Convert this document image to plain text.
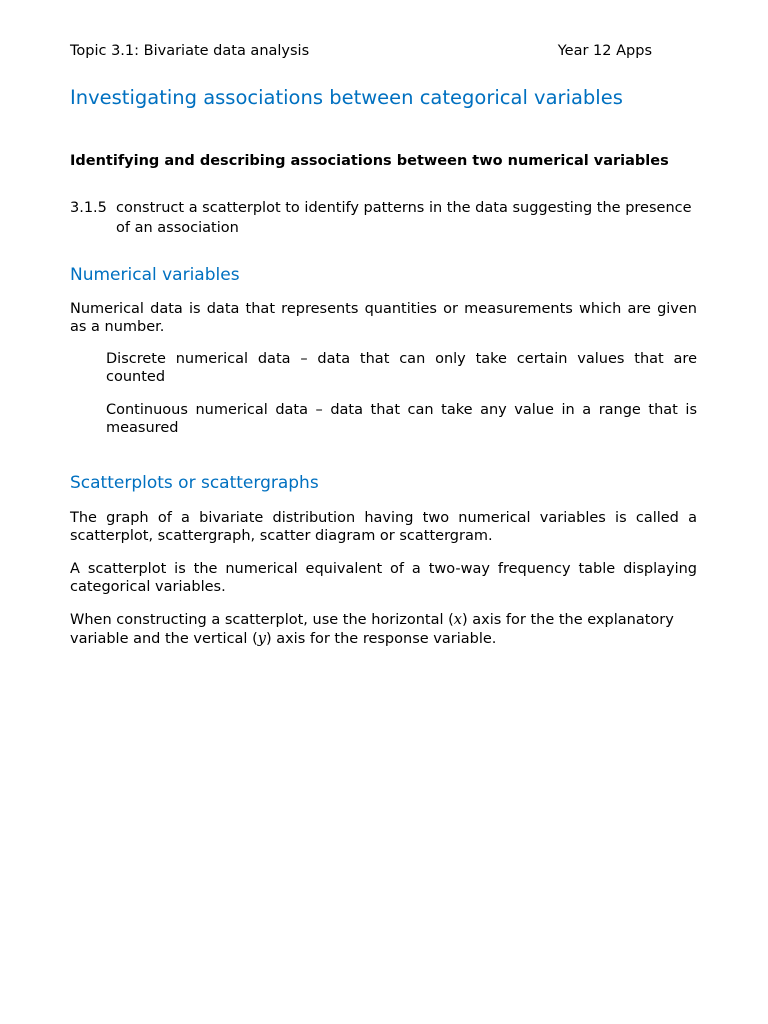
Topic 3.1: Bivariate data analysis	Year 12 Apps
Investigating associations between categorical variables
Identifying and describing associations between two numerical variables
3.1.5 construct a scatterplot to identify patterns in the data suggesting the presence of an association
Numerical variables

Numerical data is data that represents quantities or measurements which are given as a number.

Discrete numerical data – data that can only take certain values that are counted

Continuous numerical data – data that can take any value in a range that is measured

Scatterplots or scattergraphs

The graph of a bivariate distribution having two numerical variables is called a scatterplot, scattergraph, scatter diagram or scattergram.

A scatterplot is the numerical equivalent of a two-way frequency table displaying categorical variables.

When constructing a scatterplot, use the horizontal (x) axis for the the explanatory variable and the vertical (y) axis for the response variable.
